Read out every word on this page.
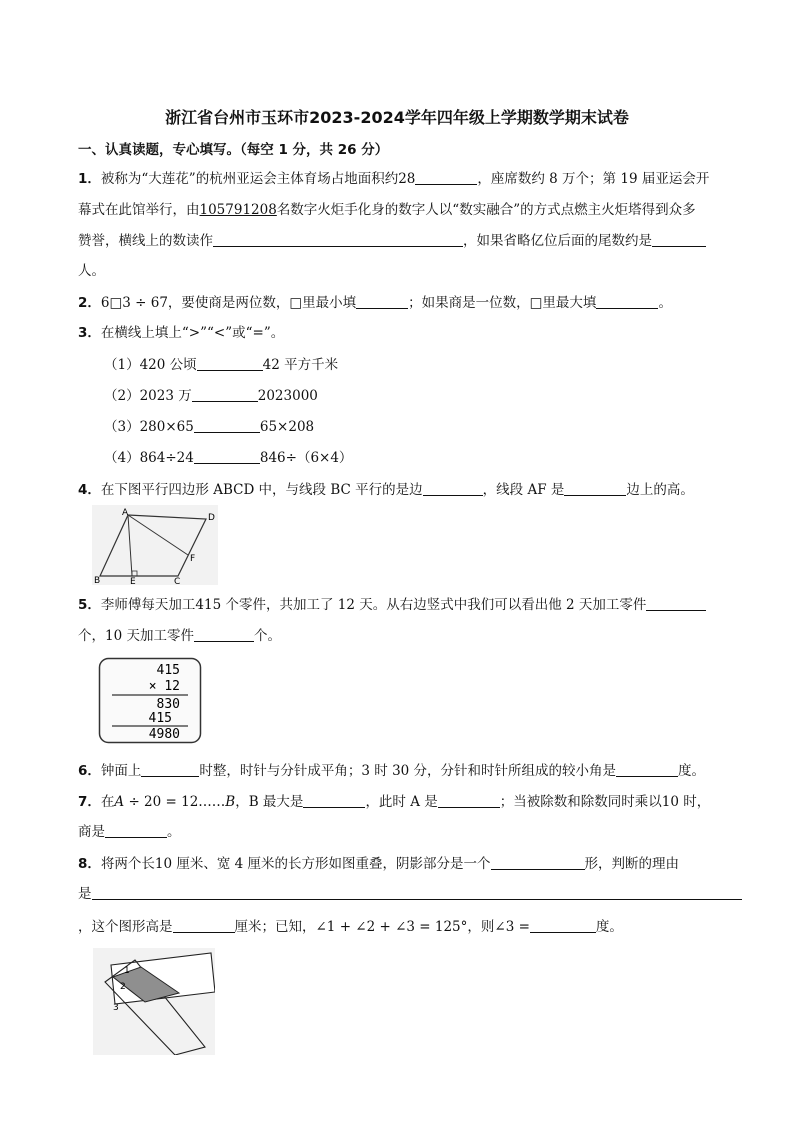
浙江省台州市玉环市2023-2024学年四年级上学期数学期末试卷
一、认真读题，专心填写。（每空 1 分，共 26 分）
1．被称为“大莲花”的杭州亚运会主体育场占地面积约28	，座席数约 8 万个；第 19 届亚运会开
幕式在此馆举行，由105791208名数字火炬手化身的数字人以“数实融合”的方式点燃主火炬塔得到众多
赞誉，横线上的数读作	，如果省略亿位后面的尾数约是
人。
2．6□3 ÷ 67，要使商是两位数，□里最小填	；如果商是一位数，□里最大填	。
3．在横线上填上“>”“<”或“=”。
（1）420 公顷	42 平方千米
（2）2023 万	2023000
（3）280×65	65×208
（4）864÷24	846÷（6×4）
4．在下图平行四边形 ABCD 中，与线段 BC 平行的是边	，线段 AF 是	边上的高。
A	D
B	E	C
F
5．李师傅每天加工415 个零件，共加工了 12 天。从右边竖式中我们可以看出他 2 天加工零件
个，10 天加工零件	个。
415
× 12
830
415
4980
6．钟面上	时整，时针与分针成平角；3 时 30 分，分针和时针所组成的较小角是	度。
7．在𝐴 ÷ 20 = 12……𝐵，B 最大是	，此时 A 是	；当被除数和除数同时乘以10 时，
商是	。
8．将两个长10 厘米、宽 4 厘米的长方形如图重叠，阴影部分是一个	形，判断的理由
是
，这个图形高是	厘米；已知，∠1 + ∠2 + ∠3 = 125°，则∠3 =	度。
1
2
3
